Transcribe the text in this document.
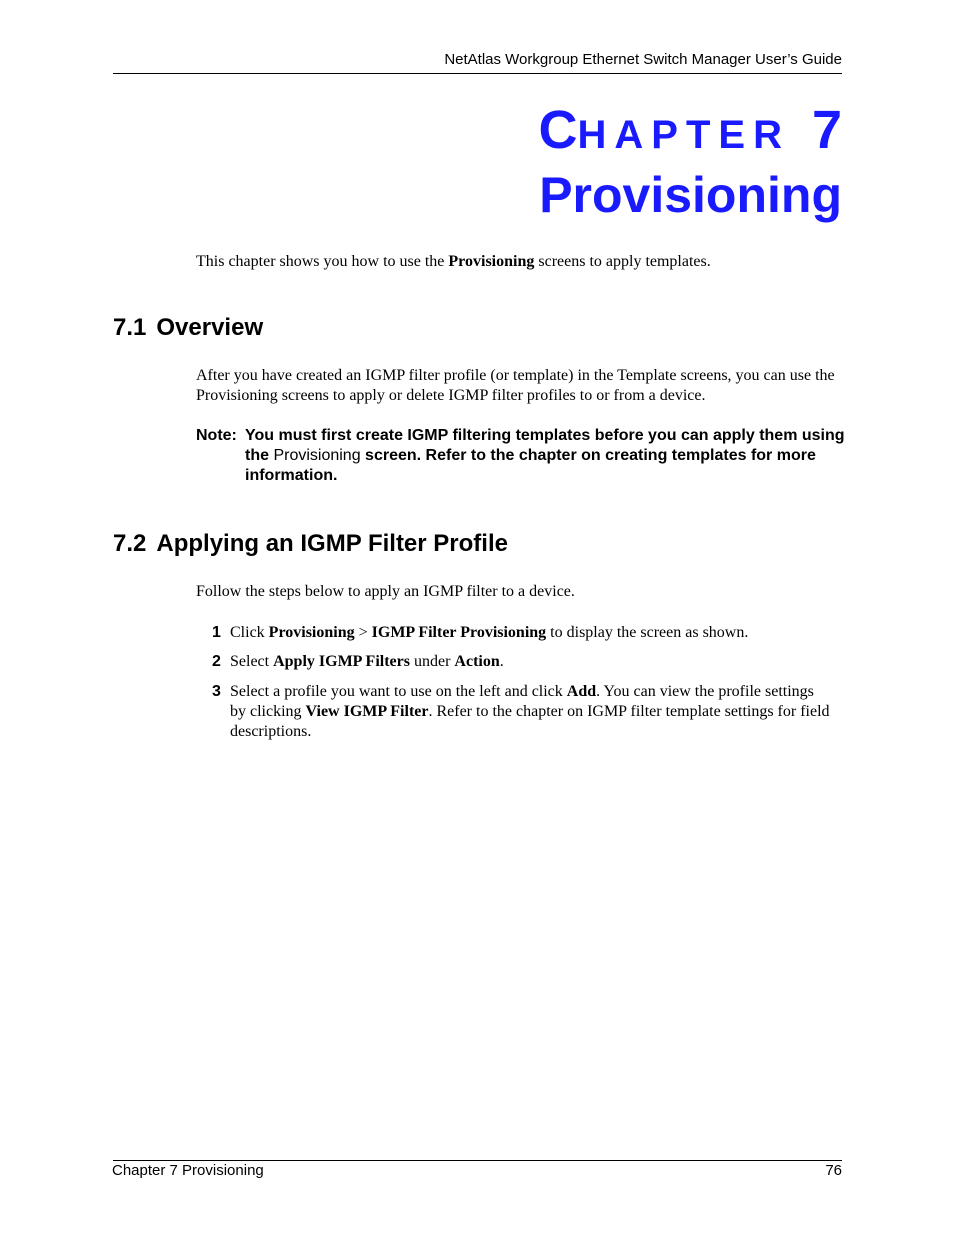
NetAtlas Workgroup Ethernet Switch Manager User’s Guide
CHAPTER 7
Provisioning
This chapter shows you how to use the Provisioning screens to apply templates.
7.1 Overview
After you have created an IGMP filter profile (or template) in the Template screens, you can use the Provisioning screens to apply or delete IGMP filter profiles to or from a device.
Note: You must first create IGMP filtering templates before you can apply them using the Provisioning screen. Refer to the chapter on creating templates for more information.
7.2 Applying an IGMP Filter Profile
Follow the steps below to apply an IGMP filter to a device.
1 Click Provisioning > IGMP Filter Provisioning to display the screen as shown.
2 Select Apply IGMP Filters under Action.
3 Select a profile you want to use on the left and click Add. You can view the profile settings by clicking View IGMP Filter. Refer to the chapter on IGMP filter template settings for field descriptions.
Chapter 7 Provisioning	76
